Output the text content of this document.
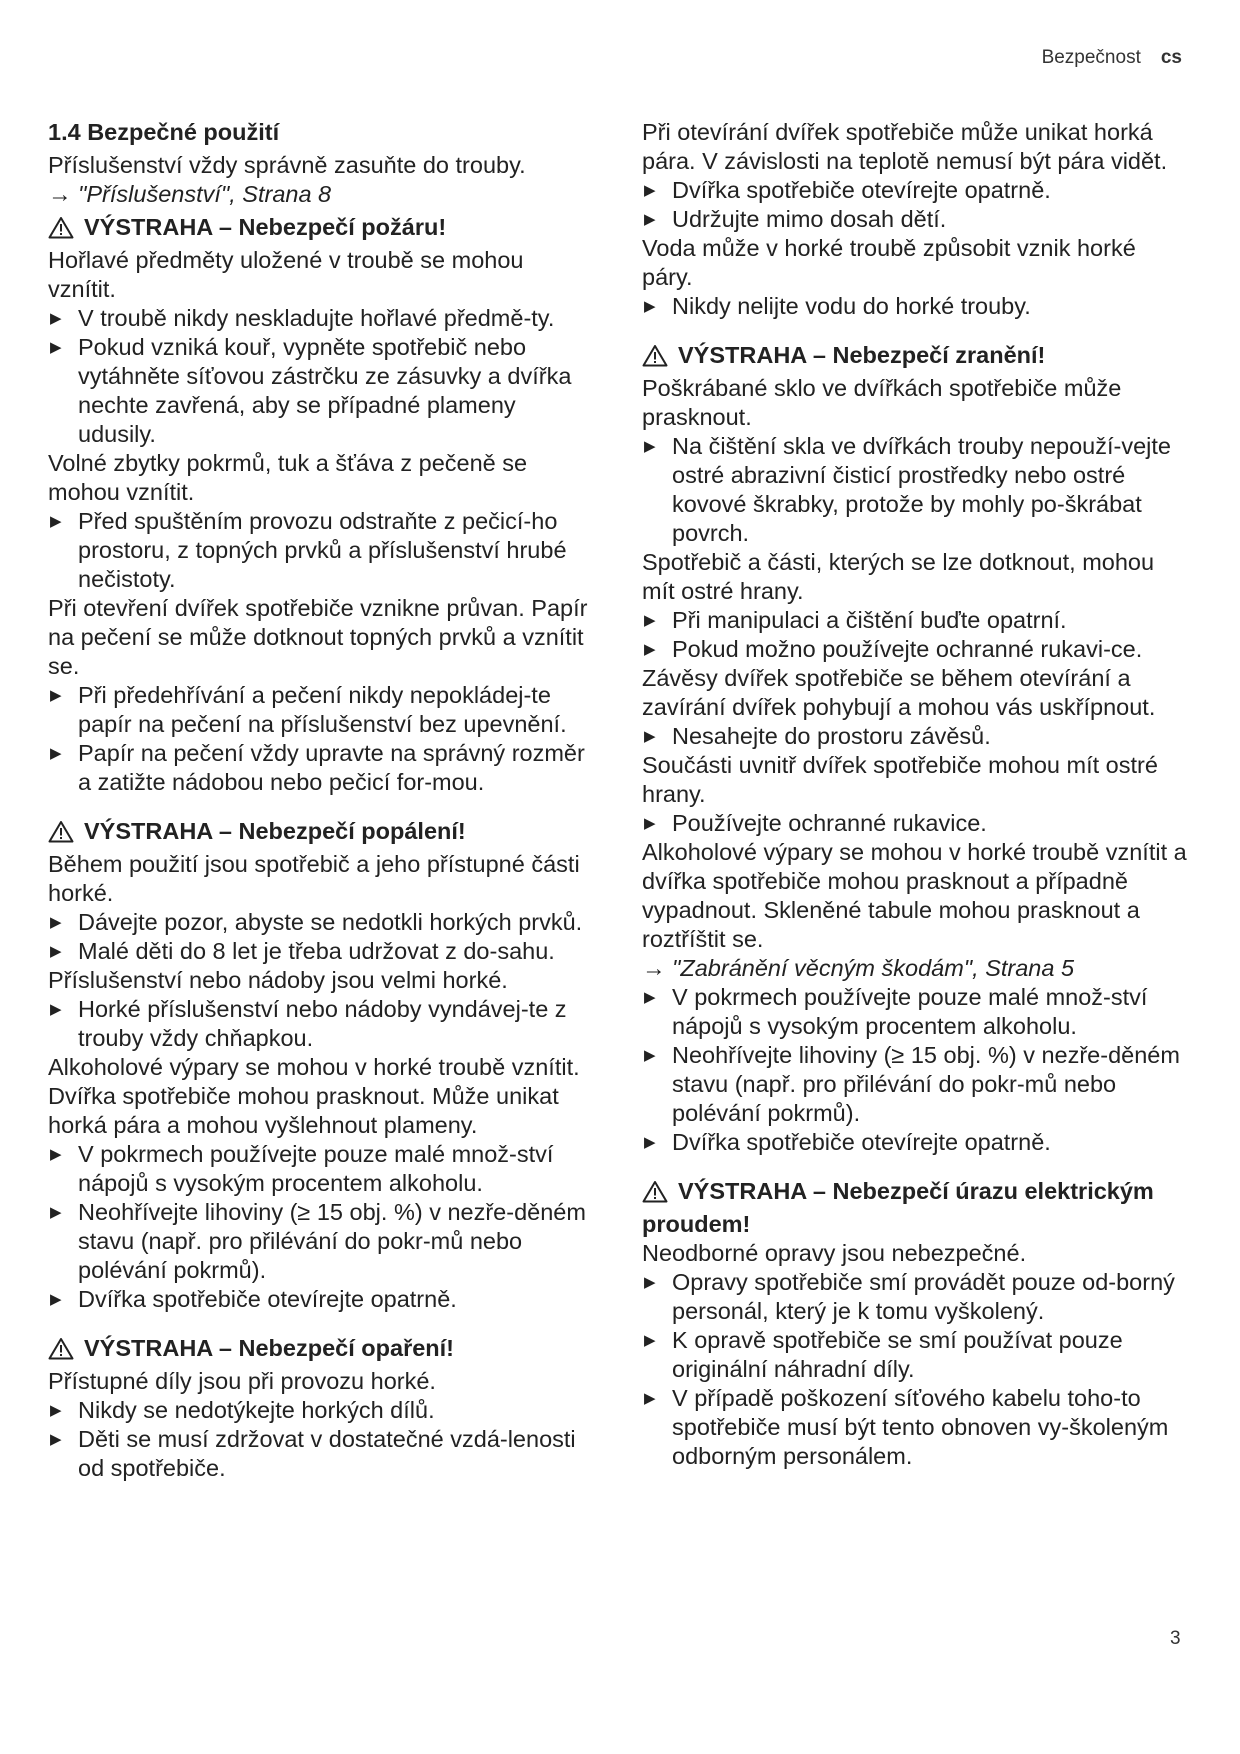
Bezpečnost cs

1.4 Bezpečné použití

Příslušenství vždy správně zasuňte do trouby.

→ "Příslušenství", Strana 8

VÝSTRAHA – Nebezpečí požáru!

Hořlavé předměty uložené v troubě se mohou vznítit.

▶ V troubě nikdy neskladujte hořlavé předmě-ty.

▶ Pokud vzniká kouř, vypněte spotřebič nebo vytáhněte síťovou zástrčku ze zásuvky a dvířka nechte zavřená, aby se případné plameny udusily.

Volné zbytky pokrmů, tuk a šťáva z pečeně se mohou vznítit.

▶ Před spuštěním provozu odstraňte z pečicí-ho prostoru, z topných prvků a příslušenství hrubé nečistoty.

Při otevření dvířek spotřebiče vznikne průvan. Papír na pečení se může dotknout topných prvků a vznítit se.

▶ Při předehřívání a pečení nikdy nepokládej-te papír na pečení na příslušenství bez upevnění.

▶ Papír na pečení vždy upravte na správný rozměr a zatižte nádobou nebo pečicí for-mou.

VÝSTRAHA – Nebezpečí popálení!

Během použití jsou spotřebič a jeho přístupné části horké.

▶ Dávejte pozor, abyste se nedotkli horkých prvků.

▶ Malé děti do 8 let je třeba udržovat z do-sahu.

Příslušenství nebo nádoby jsou velmi horké.

▶ Horké příslušenství nebo nádoby vyndávej-te z trouby vždy chňapkou.

Alkoholové výpary se mohou v horké troubě vznítit. Dvířka spotřebiče mohou prasknout. Může unikat horká pára a mohou vyšlehnout plameny.

▶ V pokrmech používejte pouze malé množ-ství nápojů s vysokým procentem alkoholu.

▶ Neohřívejte lihoviny (≥ 15 obj. %) v nezře-děném stavu (např. pro přilévání do pokr-mů nebo polévání pokrmů).

▶ Dvířka spotřebiče otevírejte opatrně.

VÝSTRAHA – Nebezpečí opaření!

Přístupné díly jsou při provozu horké.

▶ Nikdy se nedotýkejte horkých dílů.

▶ Děti se musí zdržovat v dostatečné vzdá-lenosti od spotřebiče.

Při otevírání dvířek spotřebiče může unikat horká pára. V závislosti na teplotě nemusí být pára vidět.

▶ Dvířka spotřebiče otevírejte opatrně.

▶ Udržujte mimo dosah dětí.

Voda může v horké troubě způsobit vznik horké páry.

▶ Nikdy nelijte vodu do horké trouby.

VÝSTRAHA – Nebezpečí zranění!

Poškrábané sklo ve dvířkách spotřebiče může prasknout.

▶ Na čištění skla ve dvířkách trouby nepouží-vejte ostré abrazivní čisticí prostředky nebo ostré kovové škrabky, protože by mohly po-škrábat povrch.

Spotřebič a části, kterých se lze dotknout, mohou mít ostré hrany.

▶ Při manipulaci a čištění buďte opatrní.

▶ Pokud možno používejte ochranné rukavi-ce.

Závěsy dvířek spotřebiče se během otevírání a zavírání dvířek pohybují a mohou vás uskřípnout.

▶ Nesahejte do prostoru závěsů.

Součásti uvnitř dvířek spotřebiče mohou mít ostré hrany.

▶ Používejte ochranné rukavice.

Alkoholové výpary se mohou v horké troubě vznítit a dvířka spotřebiče mohou prasknout a případně vypadnout. Skleněné tabule mohou prasknout a roztříštit se.

→ "Zabránění věcným škodám", Strana 5

▶ V pokrmech používejte pouze malé množ-ství nápojů s vysokým procentem alkoholu.

▶ Neohřívejte lihoviny (≥ 15 obj. %) v nezře-děném stavu (např. pro přilévání do pokr-mů nebo polévání pokrmů).

▶ Dvířka spotřebiče otevírejte opatrně.

VÝSTRAHA – Nebezpečí úrazu elektrickým proudem!

Neodborné opravy jsou nebezpečné.

▶ Opravy spotřebiče smí provádět pouze od-borný personál, který je k tomu vyškolený.

▶ K opravě spotřebiče se smí používat pouze originální náhradní díly.

▶ V případě poškození síťového kabelu toho-to spotřebiče musí být tento obnoven vy-školeným odborným personálem.

3
